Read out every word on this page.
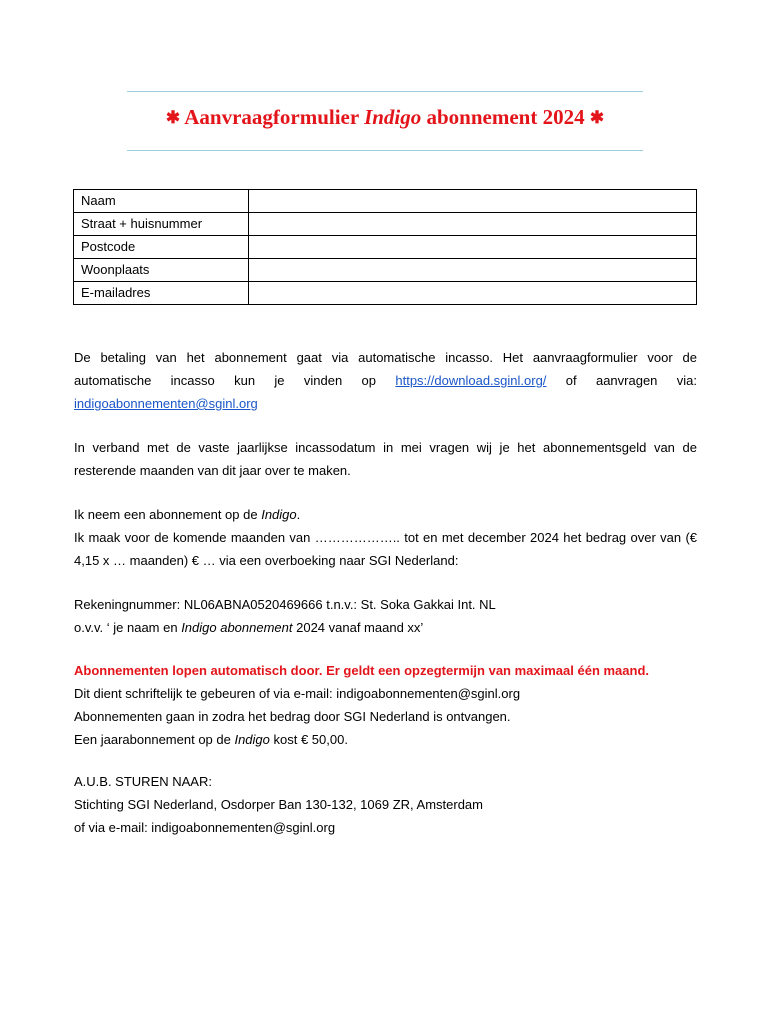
✱ Aanvraagformulier Indigo abonnement 2024 ✱
Naam	
Straat + huisnummer	
Postcode	
Woonplaats	
E-mailadres	
De betaling van het abonnement gaat via automatische incasso. Het aanvraagformulier voor de automatische incasso kun je vinden op https://download.sginl.org/ of aanvragen via: indigoabonnementen@sginl.org
In verband met de vaste jaarlijkse incassodatum in mei vragen wij je het abonnementsgeld van de resterende maanden van dit jaar over te maken.
Ik neem een abonnement op de Indigo.
Ik maak voor de komende maanden van ……………….. tot en met december 2024 het bedrag over van (€ 4,15 x … maanden) € … via een overboeking naar SGI Nederland:
Rekeningnummer: NL06ABNA0520469666 t.n.v.: St. Soka Gakkai Int. NL
o.v.v. ‘ je naam en Indigo abonnement 2024 vanaf maand xx’
Abonnementen lopen automatisch door. Er geldt een opzegtermijn van maximaal één maand.
Dit dient schriftelijk te gebeuren of via e-mail: indigoabonnementen@sginl.org
Abonnementen gaan in zodra het bedrag door SGI Nederland is ontvangen.
Een jaarabonnement op de Indigo kost € 50,00.
A.U.B. STUREN NAAR:
Stichting SGI Nederland, Osdorper Ban 130-132, 1069 ZR, Amsterdam
of via e-mail: indigoabonnementen@sginl.org
